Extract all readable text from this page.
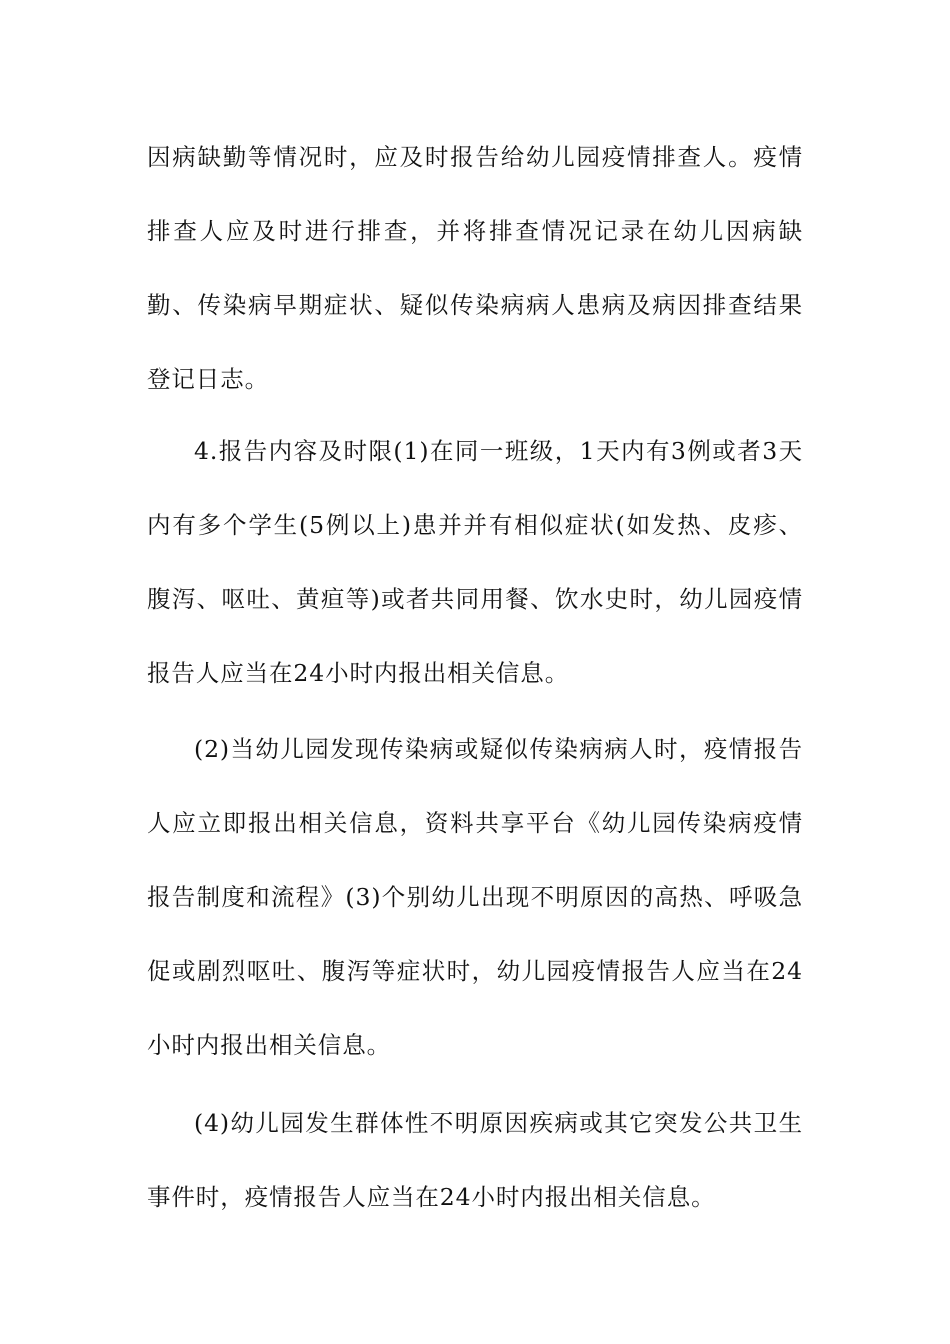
因病缺勤等情况时，应及时报告给幼儿园疫情排查人。疫情排查人应及时进行排查，并将排查情况记录在幼儿因病缺勤、传染病早期症状、疑似传染病病人患病及病因排查结果登记日志。

4.报告内容及时限(1)在同一班级，1天内有3例或者3天内有多个学生(5例以上)患并并有相似症状(如发热、皮疹、腹泻、呕吐、黄疸等)或者共同用餐、饮水史时，幼儿园疫情报告人应当在24小时内报出相关信息。

(2)当幼儿园发现传染病或疑似传染病病人时，疫情报告人应立即报出相关信息，资料共享平台《幼儿园传染病疫情报告制度和流程》(3)个别幼儿出现不明原因的高热、呼吸急促或剧烈呕吐、腹泻等症状时，幼儿园疫情报告人应当在24小时内报出相关信息。

(4)幼儿园发生群体性不明原因疾病或其它突发公共卫生事件时，疫情报告人应当在24小时内报出相关信息。
